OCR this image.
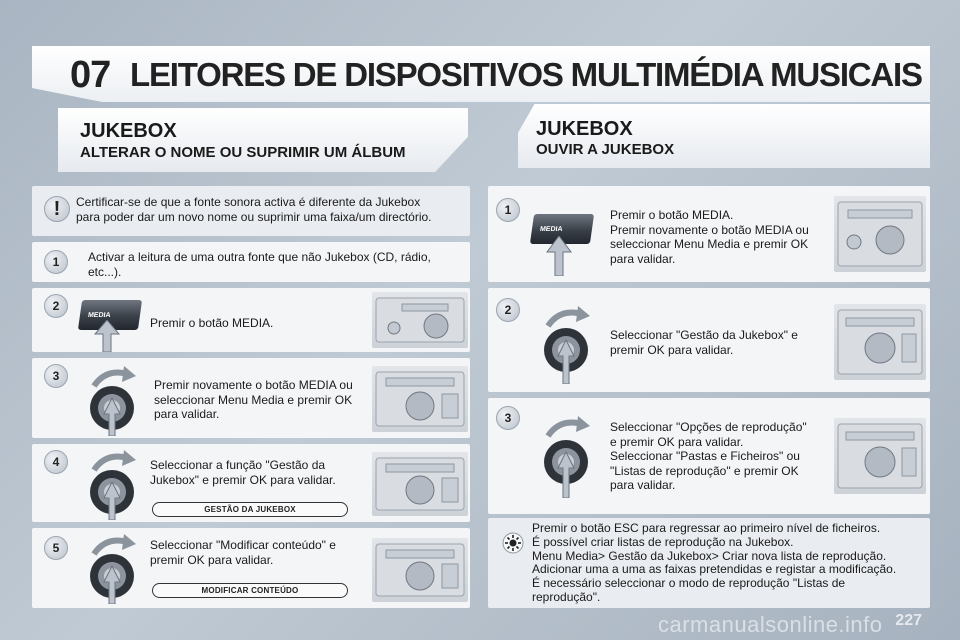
07 LEITORES DE DISPOSITIVOS MULTIMÉDIA MUSICAIS
JUKEBOX
ALTERAR O NOME OU SUPRIMIR UM ÁLBUM
JUKEBOX
OUVIR A JUKEBOX
!	Certificar-se de que a fonte sonora activa é diferente da Jukebox
para poder dar um novo nome ou suprimir uma faixa/um directório.
1	Activar a leitura de uma outra fonte que não Jukebox (CD, rádio,
etc...).
2
MEDIA
Premir o botão MEDIA.
3
Premir novamente o botão MEDIA ou
seleccionar Menu Media e premir OK
para validar.
4	Seleccionar a função "Gestão da
Jukebox" e premir OK para validar.
GESTÃO DA JUKEBOX
5	Seleccionar "Modificar conteúdo" e
premir OK para validar.
MODIFICAR CONTEÚDO
1
MEDIA
Premir o botão MEDIA.
Premir novamente o botão MEDIA ou
seleccionar Menu Media e premir OK
para validar.
2
Seleccionar "Gestão da Jukebox" e
premir OK para validar.
3
Seleccionar "Opções de reprodução"
e premir OK para validar.
Seleccionar "Pastas e Ficheiros" ou
"Listas de reprodução" e premir OK
para validar.
Premir o botão ESC para regressar ao primeiro nível de ficheiros.
É possível criar listas de reprodução na Jukebox.
Menu Media> Gestão da Jukebox> Criar nova lista de reprodução.
Adicionar uma a uma as faixas pretendidas e registar a modificação.
É necessário seleccionar o modo de reprodução "Listas de
reprodução".
carmanualsonline.info 227
